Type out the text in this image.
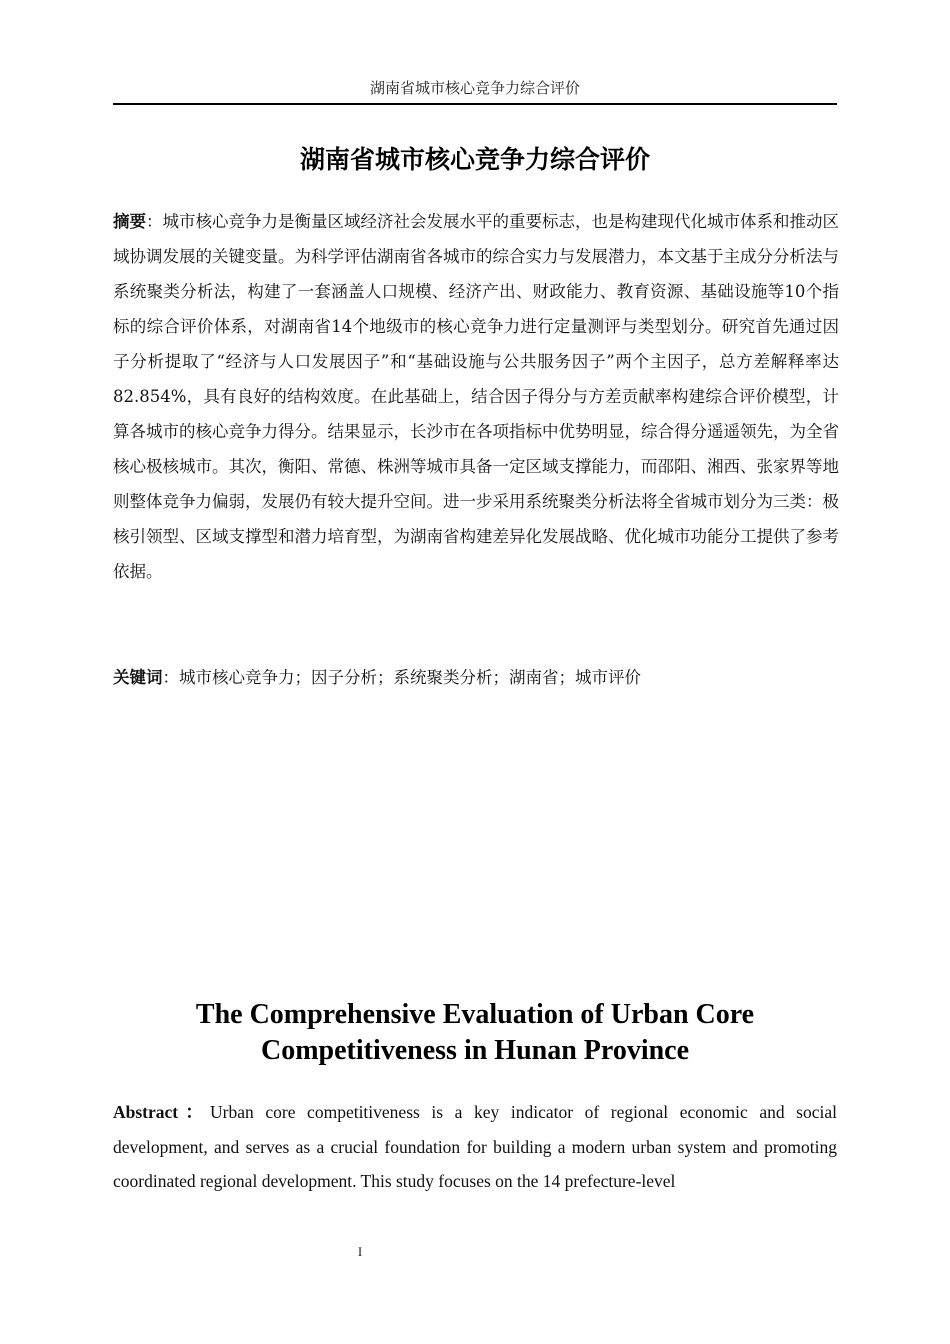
湖南省城市核心竞争力综合评价
湖南省城市核心竞争力综合评价

摘要：城市核心竞争力是衡量区域经济社会发展水平的重要标志，也是构建现代化城市体系和推动区域协调发展的关键变量。为科学评估湖南省各城市的综合实力与发展潜力，本文基于主成分分析法与系统聚类分析法，构建了一套涵盖人口规模、经济产出、财政能力、教育资源、基础设施等10个指标的综合评价体系，对湖南省14个地级市的核心竞争力进行定量测评与类型划分。研究首先通过因子分析提取了“经济与人口发展因子”和“基础设施与公共服务因子”两个主因子，总方差解释率达82.854%，具有良好的结构效度。在此基础上，结合因子得分与方差贡献率构建综合评价模型，计算各城市的核心竞争力得分。结果显示，长沙市在各项指标中优势明显，综合得分遥遥领先，为全省核心极核城市。其次，衡阳、常德、株洲等城市具备一定区域支撑能力，而邵阳、湘西、张家界等地则整体竞争力偏弱，发展仍有较大提升空间。进一步采用系统聚类分析法将全省城市划分为三类：极核引领型、区域支撑型和潜力培育型，为湖南省构建差异化发展战略、优化城市功能分工提供了参考依据。

关键词：城市核心竞争力；因子分析；系统聚类分析；湖南省；城市评价

The Comprehensive Evaluation of Urban Core
Competitiveness in Hunan Province

Abstract：Urban core competitiveness is a key indicator of regional economic and social development, and serves as a crucial foundation for building a modern urban system and promoting coordinated regional development. This study focuses on the 14 prefecture-level

I
